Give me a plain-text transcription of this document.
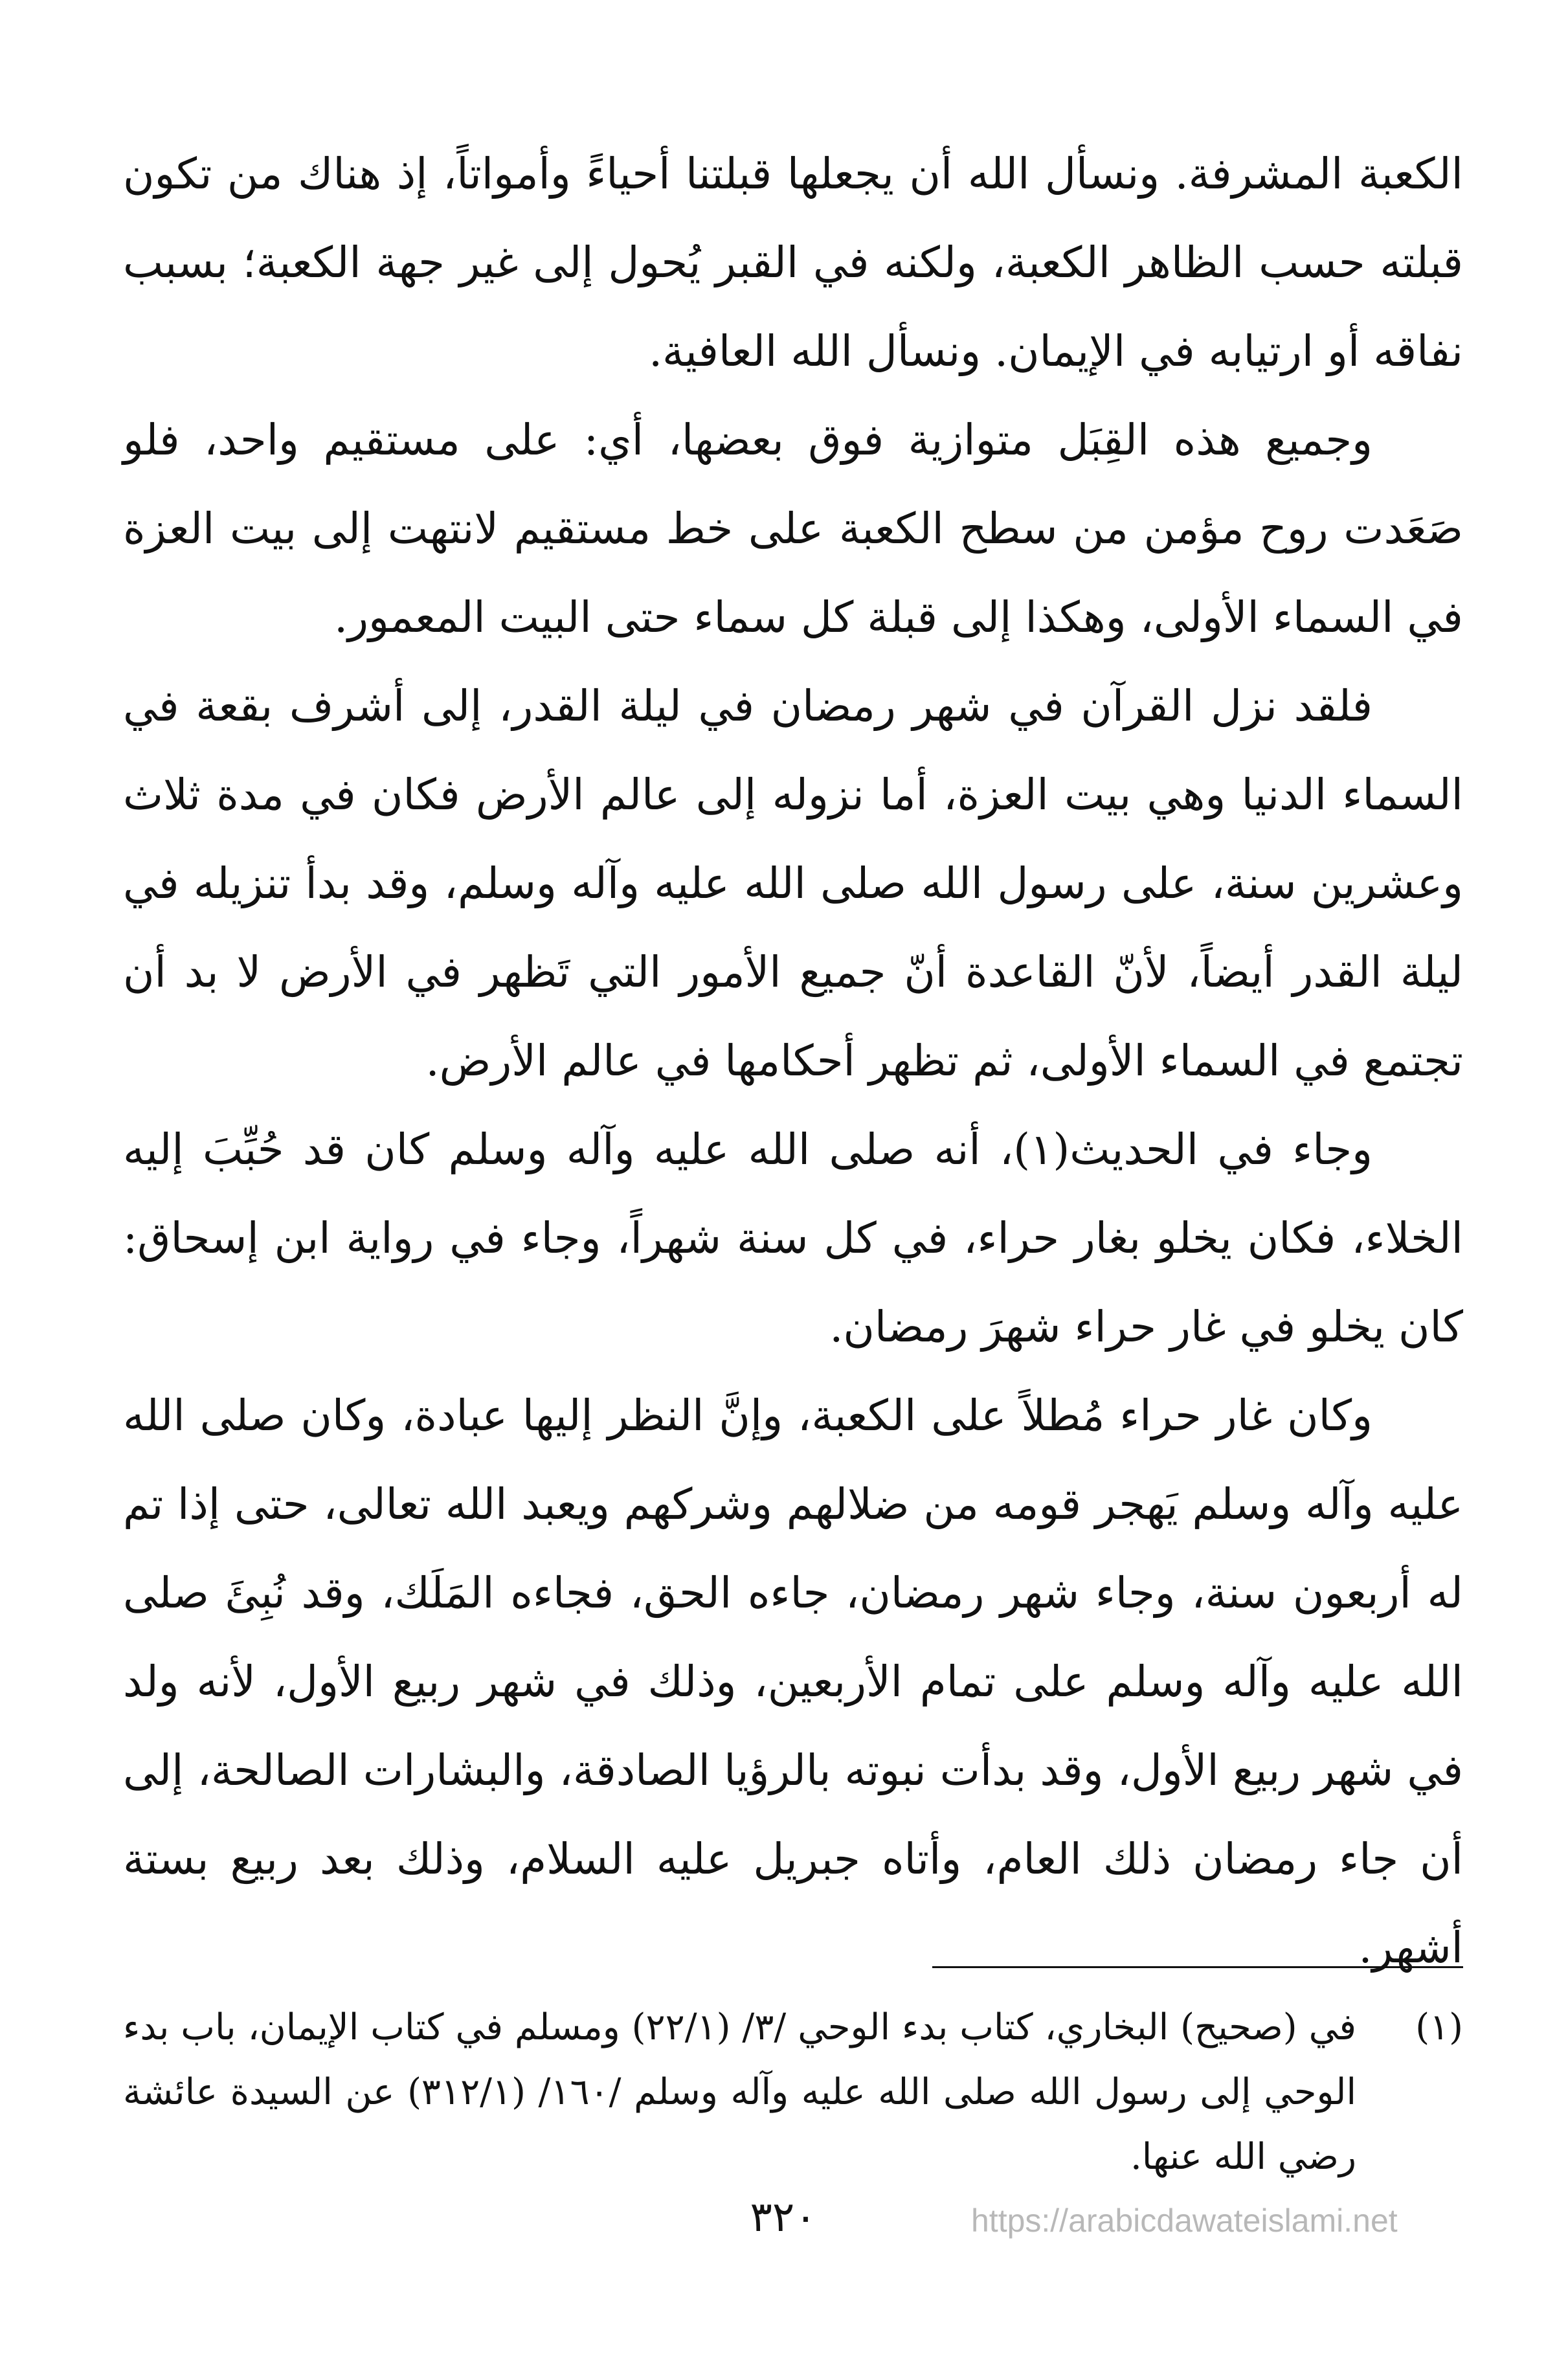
الكعبة المشرفة. ونسأل الله أن يجعلها قبلتنا أحياءً وأمواتاً، إذ هناك من تكون قبلته حسب الظاهر الكعبة، ولكنه في القبر يُحول إلى غير جهة الكعبة؛ بسبب نفاقه أو ارتيابه في الإيمان. ونسأل الله العافية.

وجميع هذه القِبَل متوازية فوق بعضها، أي: على مستقيم واحد، فلو صَعَدت روح مؤمن من سطح الكعبة على خط مستقيم لانتهت إلى بيت العزة في السماء الأولى، وهكذا إلى قبلة كل سماء حتى البيت المعمور.

فلقد نزل القرآن في شهر رمضان في ليلة القدر، إلى أشرف بقعة في السماء الدنيا وهي بيت العزة، أما نزوله إلى عالم الأرض فكان في مدة ثلاث وعشرين سنة، على رسول الله صلى الله عليه وآله وسلم، وقد بدأ تنزيله في ليلة القدر أيضاً، لأنّ القاعدة أنّ جميع الأمور التي تَظهر في الأرض لا بد أن تجتمع في السماء الأولى، ثم تظهر أحكامها في عالم الأرض.

وجاء في الحديث(١)، أنه صلى الله عليه وآله وسلم كان قد حُبِّبَ إليه الخلاء، فكان يخلو بغار حراء، في كل سنة شهراً، وجاء في رواية ابن إسحاق: كان يخلو في غار حراء شهرَ رمضان.

وكان غار حراء مُطلاً على الكعبة، وإنَّ النظر إليها عبادة، وكان صلى الله عليه وآله وسلم يَهجر قومه من ضلالهم وشركهم ويعبد الله تعالى، حتى إذا تم له أربعون سنة، وجاء شهر رمضان، جاءه الحق، فجاءه المَلَك، وقد نُبِئَ صلى الله عليه وآله وسلم على تمام الأربعين، وذلك في شهر ربيع الأول، لأنه ولد في شهر ربيع الأول، وقد بدأت نبوته بالرؤيا الصادقة، والبشارات الصالحة، إلى أن جاء رمضان ذلك العام، وأتاه جبريل عليه السلام، وذلك بعد ربيع بستة أشهر.

(١)
في (صحيح) البخاري، كتاب بدء الوحي /٣/ (٢٢/١) ومسلم في كتاب الإيمان، باب بدء الوحي إلى رسول الله صلى الله عليه وآله وسلم /١٦٠/ (٣١٢/١) عن السيدة عائشة رضي الله عنها.
٣٢٠	https://arabicdawateislami.net
